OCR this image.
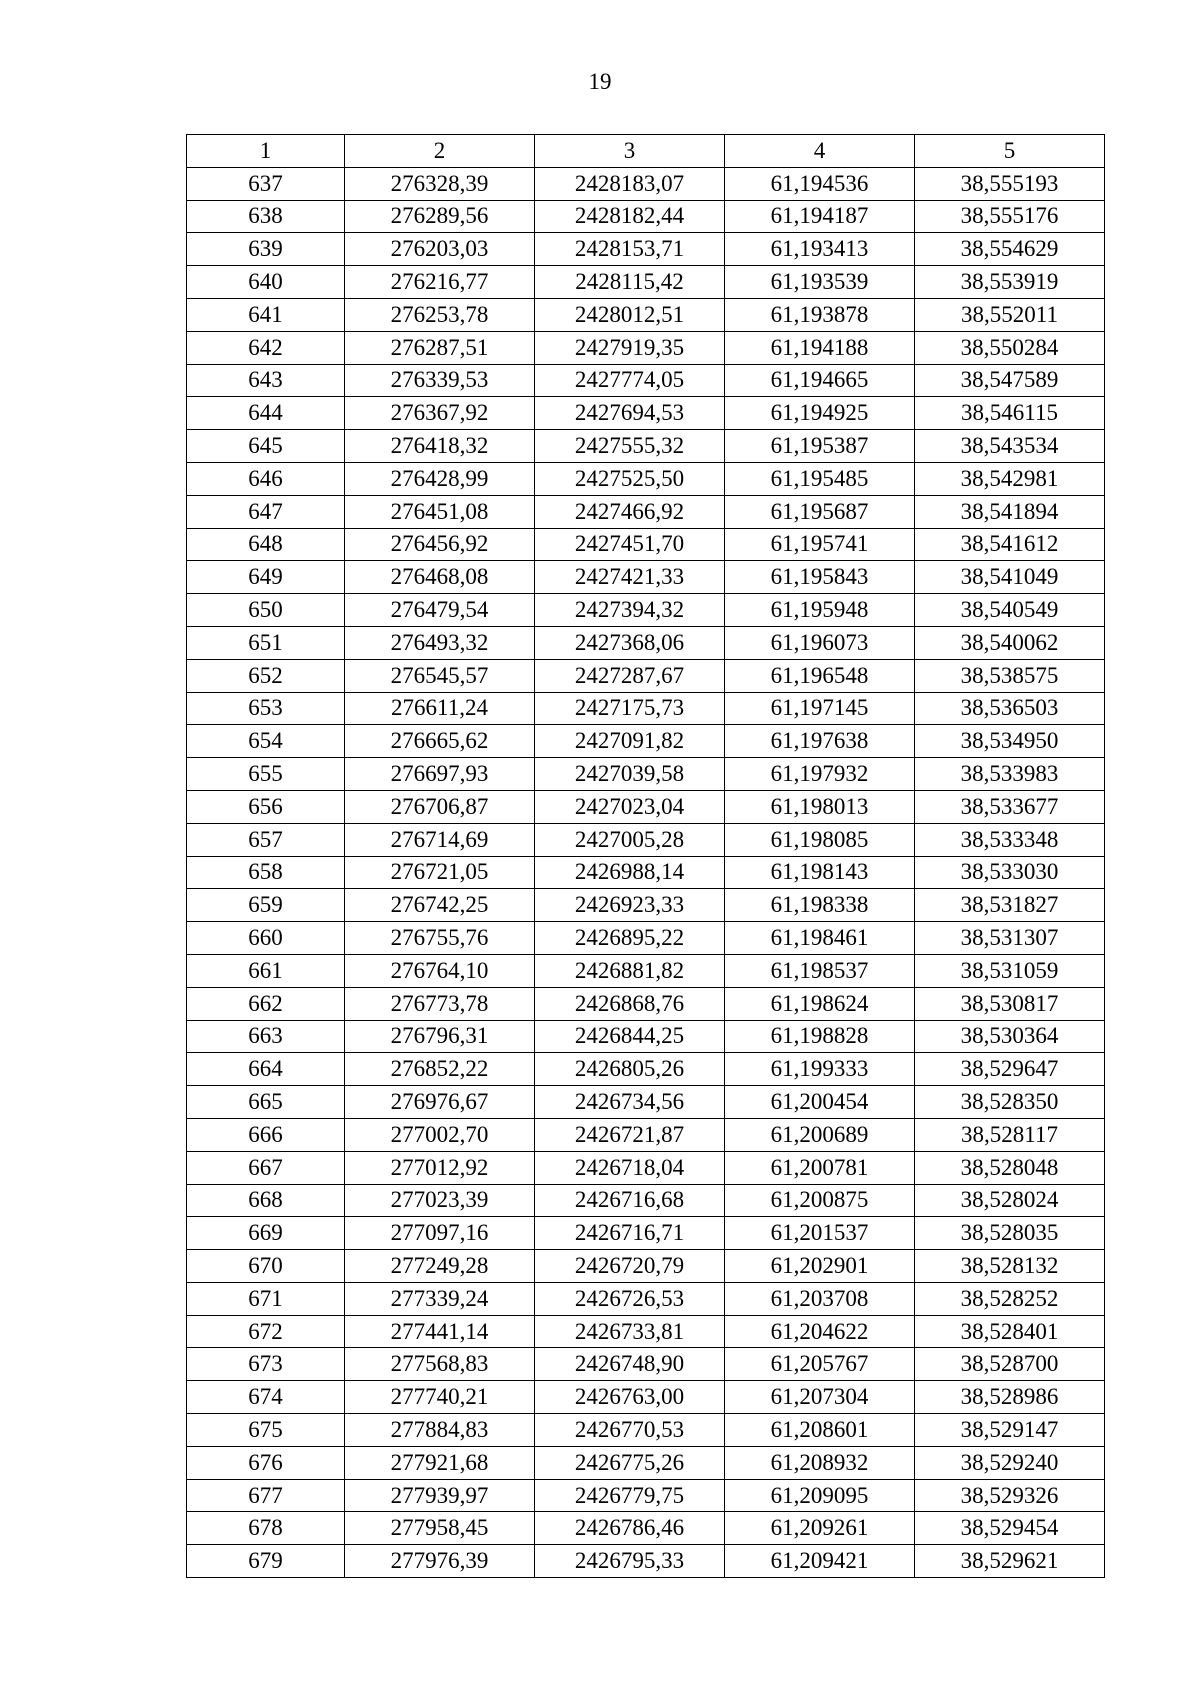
19
1	2	3	4	5
637	276328,39	2428183,07	61,194536	38,555193
638	276289,56	2428182,44	61,194187	38,555176
639	276203,03	2428153,71	61,193413	38,554629
640	276216,77	2428115,42	61,193539	38,553919
641	276253,78	2428012,51	61,193878	38,552011
642	276287,51	2427919,35	61,194188	38,550284
643	276339,53	2427774,05	61,194665	38,547589
644	276367,92	2427694,53	61,194925	38,546115
645	276418,32	2427555,32	61,195387	38,543534
646	276428,99	2427525,50	61,195485	38,542981
647	276451,08	2427466,92	61,195687	38,541894
648	276456,92	2427451,70	61,195741	38,541612
649	276468,08	2427421,33	61,195843	38,541049
650	276479,54	2427394,32	61,195948	38,540549
651	276493,32	2427368,06	61,196073	38,540062
652	276545,57	2427287,67	61,196548	38,538575
653	276611,24	2427175,73	61,197145	38,536503
654	276665,62	2427091,82	61,197638	38,534950
655	276697,93	2427039,58	61,197932	38,533983
656	276706,87	2427023,04	61,198013	38,533677
657	276714,69	2427005,28	61,198085	38,533348
658	276721,05	2426988,14	61,198143	38,533030
659	276742,25	2426923,33	61,198338	38,531827
660	276755,76	2426895,22	61,198461	38,531307
661	276764,10	2426881,82	61,198537	38,531059
662	276773,78	2426868,76	61,198624	38,530817
663	276796,31	2426844,25	61,198828	38,530364
664	276852,22	2426805,26	61,199333	38,529647
665	276976,67	2426734,56	61,200454	38,528350
666	277002,70	2426721,87	61,200689	38,528117
667	277012,92	2426718,04	61,200781	38,528048
668	277023,39	2426716,68	61,200875	38,528024
669	277097,16	2426716,71	61,201537	38,528035
670	277249,28	2426720,79	61,202901	38,528132
671	277339,24	2426726,53	61,203708	38,528252
672	277441,14	2426733,81	61,204622	38,528401
673	277568,83	2426748,90	61,205767	38,528700
674	277740,21	2426763,00	61,207304	38,528986
675	277884,83	2426770,53	61,208601	38,529147
676	277921,68	2426775,26	61,208932	38,529240
677	277939,97	2426779,75	61,209095	38,529326
678	277958,45	2426786,46	61,209261	38,529454
679	277976,39	2426795,33	61,209421	38,529621
